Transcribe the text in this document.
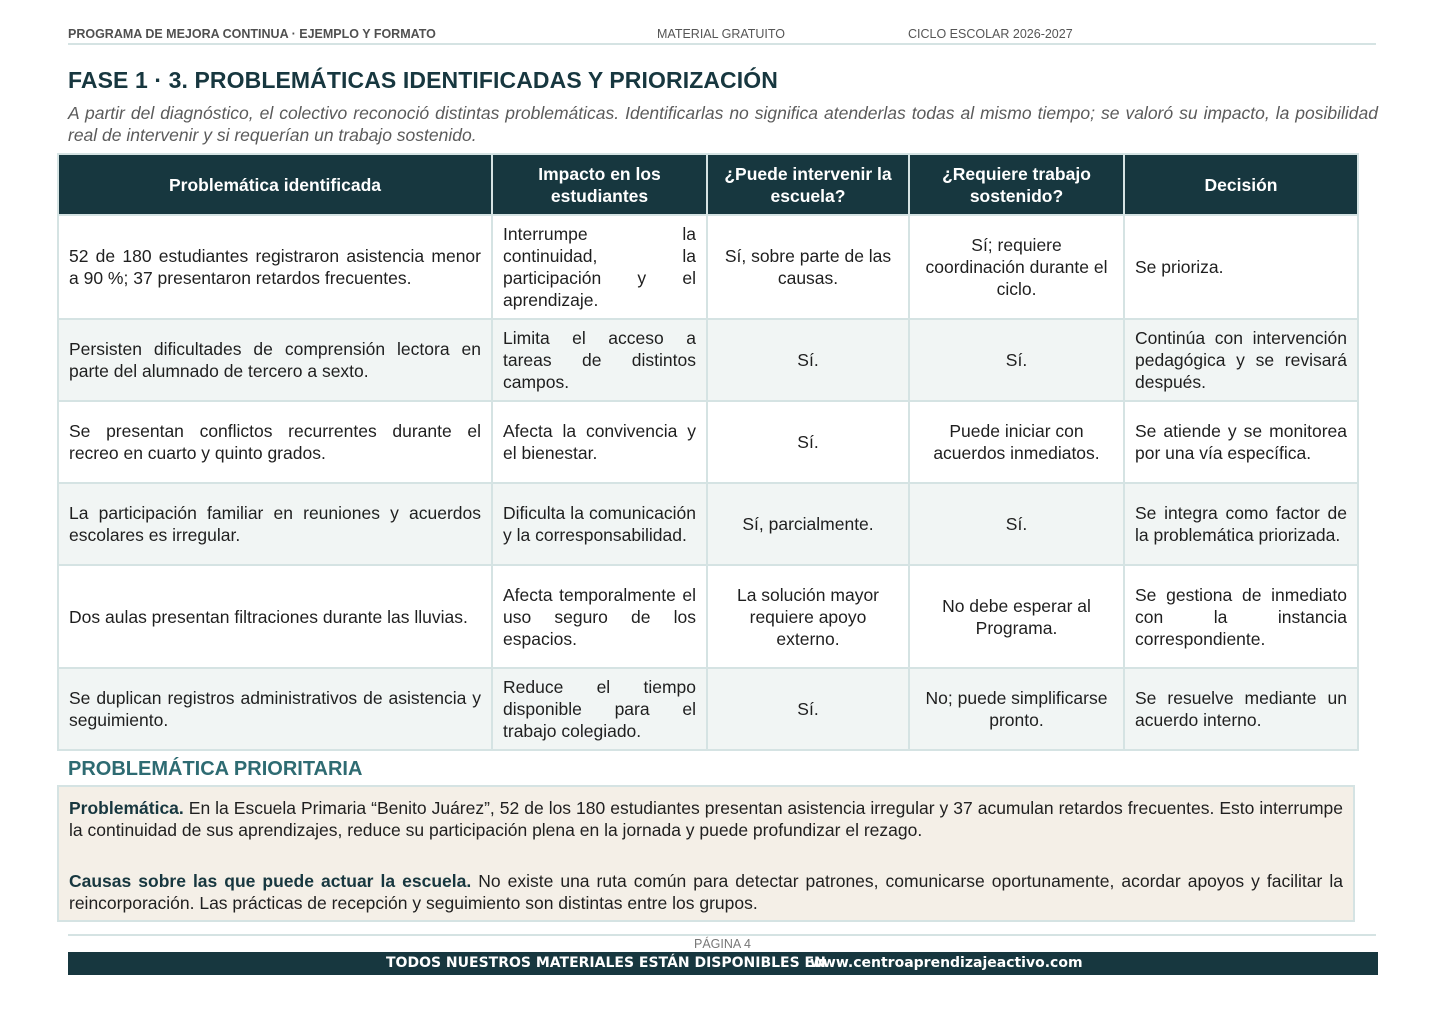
PROGRAMA DE MEJORA CONTINUA · EJEMPLO Y FORMATO	MATERIAL GRATUITO	CICLO ESCOLAR 2026-2027
FASE 1 · 3. PROBLEMÁTICAS IDENTIFICADAS Y PRIORIZACIÓN

A partir del diagnóstico, el colectivo reconoció distintas problemáticas. Identificarlas no significa atenderlas todas al mismo tiempo; se valoró su impacto, la posibilidad real de intervenir y si requerían un trabajo sostenido.

Problemática identificada	Impacto en los estudiantes	¿Puede intervenir la escuela?	¿Requiere trabajo sostenido?	Decisión
52 de 180 estudiantes registraron asistencia menor a 90 %; 37 presentaron retardos frecuentes.	Interrumpe la continuidad, la participación y el aprendizaje.	Sí, sobre parte de las causas.	Sí; requiere coordinación durante el ciclo.	Se prioriza.
Persisten dificultades de comprensión lectora en parte del alumnado de tercero a sexto.	Limita el acceso a tareas de distintos campos.	Sí.	Sí.	Continúa con intervención pedagógica y se revisará después.
Se presentan conflictos recurrentes durante el recreo en cuarto y quinto grados.	Afecta la convivencia y el bienestar.	Sí.	Puede iniciar con acuerdos inmediatos.	Se atiende y se monitorea por una vía específica.
La participación familiar en reuniones y acuerdos escolares es irregular.	Dificulta la comunicación y la corresponsabilidad.	Sí, parcialmente.	Sí.	Se integra como factor de la problemática priorizada.
Dos aulas presentan filtraciones durante las lluvias.	Afecta temporalmente el uso seguro de los espacios.	La solución mayor requiere apoyo externo.	No debe esperar al Programa.	Se gestiona de inmediato con la instancia correspondiente.
Se duplican registros administrativos de asistencia y seguimiento.	Reduce el tiempo disponible para el trabajo colegiado.	Sí.	No; puede simplificarse pronto.	Se resuelve mediante un acuerdo interno.
PROBLEMÁTICA PRIORITARIA

Problemática. En la Escuela Primaria “Benito Juárez”, 52 de los 180 estudiantes presentan asistencia irregular y 37 acumulan retardos frecuentes. Esto interrumpe la continuidad de sus aprendizajes, reduce su participación plena en la jornada y puede profundizar el rezago.

Causas sobre las que puede actuar la escuela. No existe una ruta común para detectar patrones, comunicarse oportunamente, acordar apoyos y facilitar la reincorporación. Las prácticas de recepción y seguimiento son distintas entre los grupos.

PÁGINA 4
TODOS NUESTROS MATERIALES ESTÁN DISPONIBLES EN
www.centroaprendizajeactivo.com
